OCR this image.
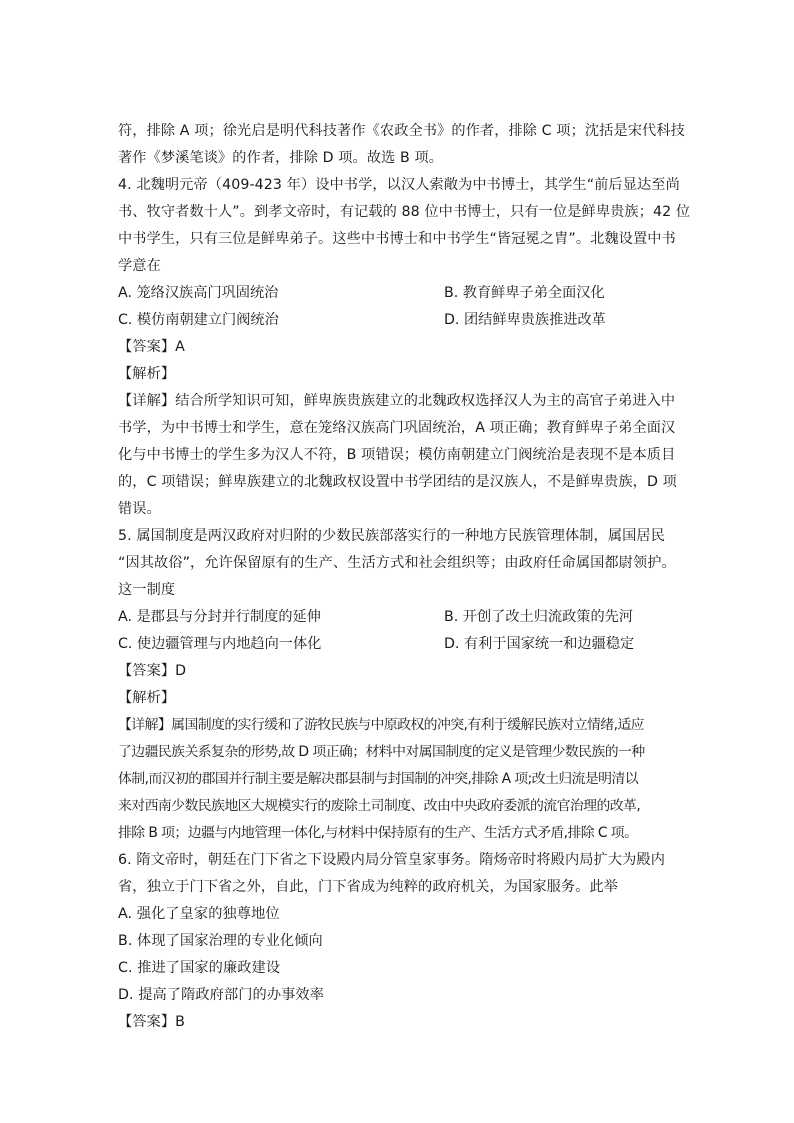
符，排除 A 项；徐光启是明代科技著作《农政全书》的作者，排除 C 项；沈括是宋代科技
著作《梦溪笔谈》的作者，排除 D 项。故选 B 项。
4. 北魏明元帝（409-423 年）设中书学，以汉人索敞为中书博士，其学生“前后显达至尚
书、牧守者数十人”。到孝文帝时，有记载的 88 位中书博士，只有一位是鲜卑贵族；42 位
中书学生，只有三位是鲜卑弟子。这些中书博士和中书学生“皆冠冕之胄”。北魏设置中书
学意在
A. 笼络汉族高门巩固统治	B. 教育鲜卑子弟全面汉化
C. 模仿南朝建立门阀统治	D. 团结鲜卑贵族推进改革
【答案】A
【解析】
【详解】结合所学知识可知，鲜卑族贵族建立的北魏政权选择汉人为主的高官子弟进入中
书学，为中书博士和学生，意在笼络汉族高门巩固统治，A 项正确；教育鲜卑子弟全面汉
化与中书博士的学生多为汉人不符，B 项错误；模仿南朝建立门阀统治是表现不是本质目
的，C 项错误；鲜卑族建立的北魏政权设置中书学团结的是汉族人，不是鲜卑贵族，D 项
错误。
5. 属国制度是两汉政府对归附的少数民族部落实行的一种地方民族管理体制，属国居民
“因其故俗”，允许保留原有的生产、生活方式和社会组织等；由政府任命属国都尉领护。
这一制度
A. 是郡县与分封并行制度的延伸	B. 开创了改土归流政策的先河
C. 使边疆管理与内地趋向一体化	D. 有利于国家统一和边疆稳定
【答案】D
【解析】
【详解】属国制度的实行缓和了游牧民族与中原政权的冲突,有利于缓解民族对立情绪,适应
了边疆民族关系复杂的形势,故 D 项正确；材料中对属国制度的定义是管理少数民族的一种
体制,而汉初的郡国并行制主要是解决郡县制与封国制的冲突,排除 A 项;改土归流是明清以
来对西南少数民族地区大规模实行的废除土司制度、改由中央政府委派的流官治理的改革,
排除 B 项；边疆与内地管理一体化,与材料中保持原有的生产、生活方式矛盾,排除 C 项。
6. 隋文帝时，朝廷在门下省之下设殿内局分管皇家事务。隋炀帝时将殿内局扩大为殿内
省，独立于门下省之外，自此，门下省成为纯粹的政府机关，为国家服务。此举
A. 强化了皇家的独尊地位
B. 体现了国家治理的专业化倾向
C. 推进了国家的廉政建设
D. 提高了隋政府部门的办事效率
【答案】B
